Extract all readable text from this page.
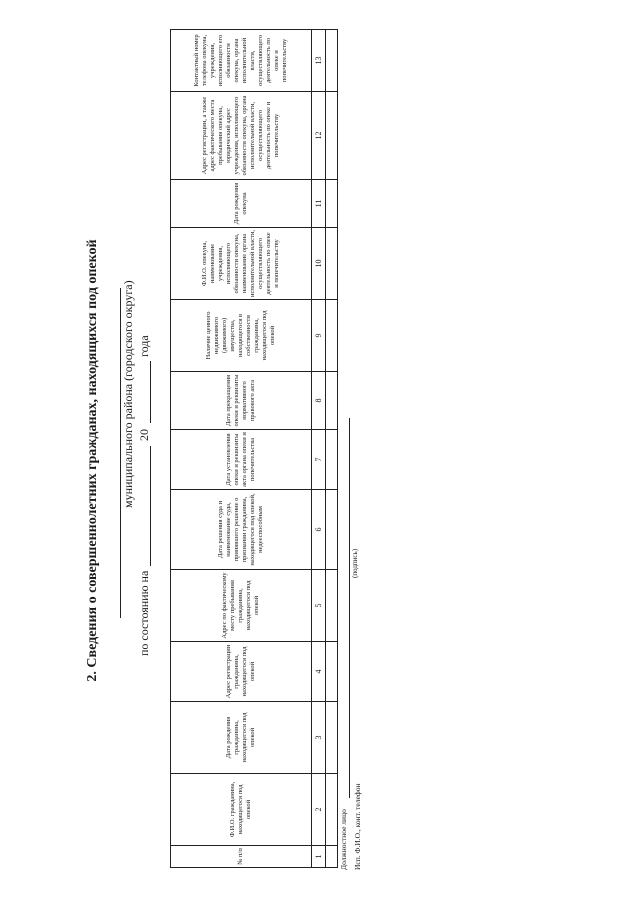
2. Сведения о совершеннолетних гражданах, находящихся под опекой муниципального района (городского округа)
по состоянию на
20
года
№ п/п	Ф.И.О. гражданина, находящегося под опекой	Дата рождения гражданина, находящегося под опекой	Адрес регистрации гражданина, находящегося под опекой	Адрес по фактическому месту пребывания гражданина, находящегося под опекой	Дата решения суда и наименование суда, принявшего решение о признании гражданина, находящегося под опекой, недееспособным	Дата установления опеки и реквизиты акта органа опеки и попечительства	Дата прекращения опеки и реквизиты нормативного правового акта	Наличие ценного недвижимого (движимого) имущества, находящегося в собственности гражданина, находящегося под опекой	Ф.И.О. опекуна, наименование учреждения, исполняющего обязанности опекуна, наименование органа исполнительной власти, осуществляющего деятельность по опеке и попечительству	Дата рождения опекуна	Адрес регистрации, а также адрес фактического места пребывания опекуна, юридический адрес учреждения, исполняющего обязанности опекуна, органа исполнительной власти, осуществляющего деятельность по опеке и попечительству	Контактный номер телефона опекуна, учреждения, исполняющего его обязанности опекуна, органа исполнительной власти, осуществляющего деятельность по опеке и попечительству
1	2	3	4	5	6	7	8	9	10	11	12	13

Должностное лицо
(подпись)
Исп. Ф.И.О., конт. телефон
